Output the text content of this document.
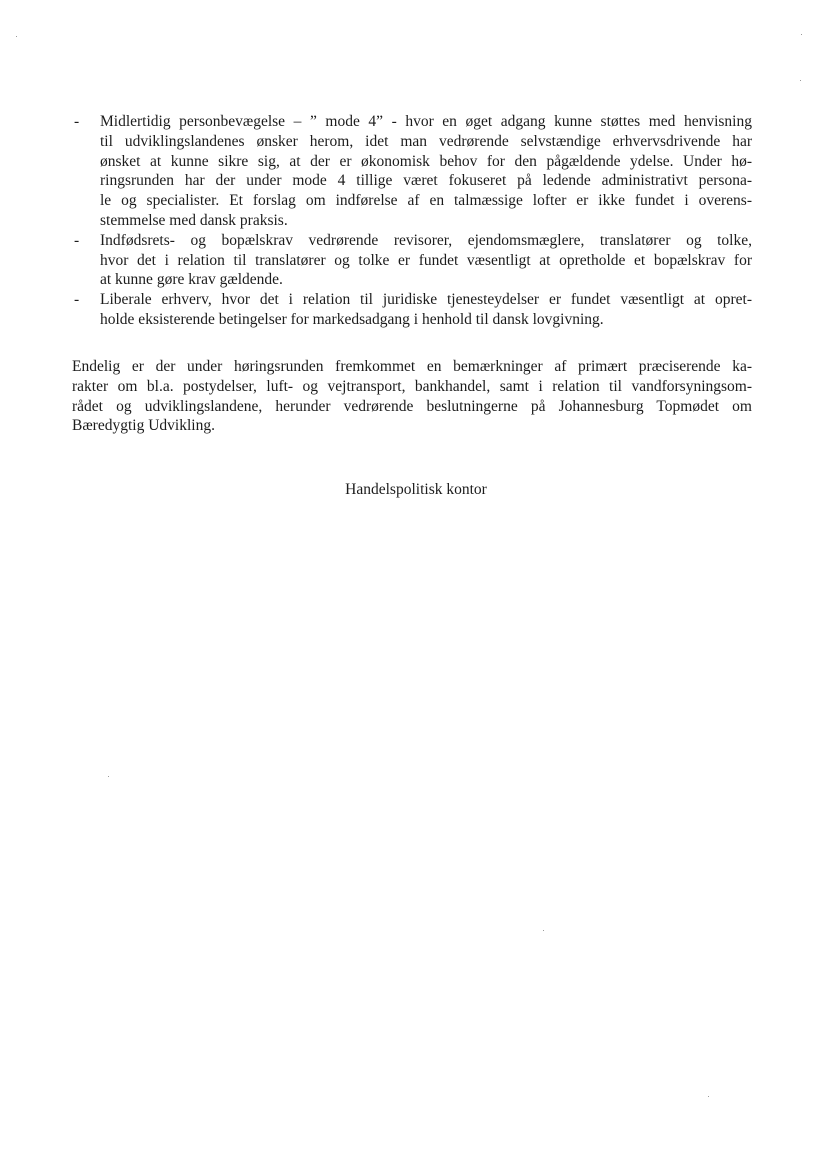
- Midlertidig personbevægelse – ” mode 4” - hvor en øget adgang kunne støttes med henvisning
til udviklingslandenes ønsker herom, idet man vedrørende selvstændige erhvervsdrivende har
ønsket at kunne sikre sig, at der er økonomisk behov for den pågældende ydelse. Under hø-
ringsrunden har der under mode 4 tillige været fokuseret på ledende administrativt persona-
le og specialister. Et forslag om indførelse af en talmæssige lofter er ikke fundet i overens-
stemmelse med dansk praksis.
- Indfødsrets- og bopælskrav vedrørende revisorer, ejendomsmæglere, translatører og tolke,
hvor det i relation til translatører og tolke er fundet væsentligt at opretholde et bopælskrav for
at kunne gøre krav gældende.
- Liberale erhverv, hvor det i relation til juridiske tjenesteydelser er fundet væsentligt at opret-
holde eksisterende betingelser for markedsadgang i henhold til dansk lovgivning.
Endelig er der under høringsrunden fremkommet en bemærkninger af primært præciserende ka-
rakter om bl.a. postydelser, luft- og vejtransport, bankhandel, samt i relation til vandforsyningsom-
rådet og udviklingslandene, herunder vedrørende beslutningerne på Johannesburg Topmødet om
Bæredygtig Udvikling.

Handelspolitisk kontor
